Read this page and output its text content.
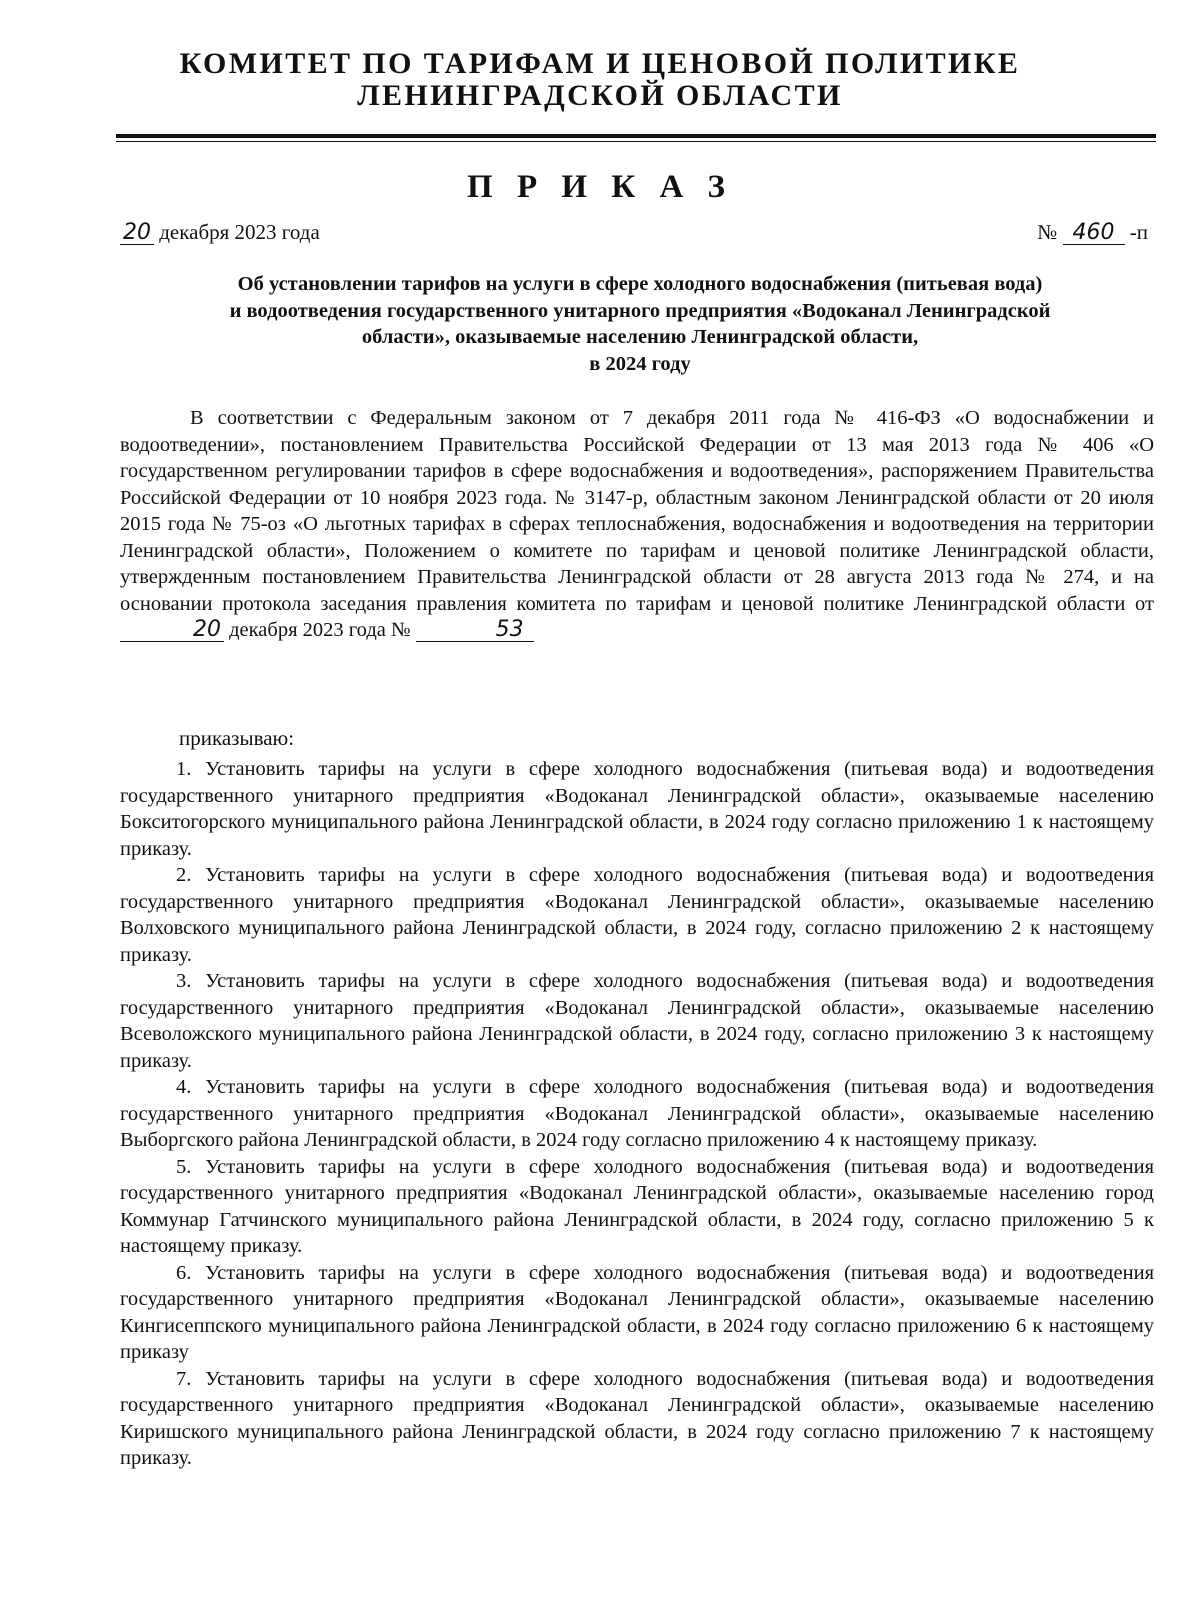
КОМИТЕТ ПО ТАРИФАМ И ЦЕНОВОЙ ПОЛИТИКЕ
ЛЕНИНГРАДСКОЙ ОБЛАСТИ
П Р И К А З
20 декабря 2023 года	№ 460 -п
Об установлении тарифов на услуги в сфере холодного водоснабжения (питьевая вода)
и водоотведения государственного унитарного предприятия «Водоканал Ленинградской
области», оказываемые населению Ленинградской области,
в 2024 году
В соответствии с Федеральным законом от 7 декабря 2011 года № 416-ФЗ «О водоснабжении и водоотведении», постановлением Правительства Российской Федерации от 13 мая 2013 года № 406 «О государственном регулировании тарифов в сфере водоснабжения и водоотведения», распоряжением Правительства Российской Федерации от 10 ноября 2023 года. № 3147-р, областным законом Ленинградской области от 20 июля 2015 года № 75-оз «О льготных тарифах в сферах теплоснабжения, водоснабжения и водоотведения на территории Ленинградской области», Положением о комитете по тарифам и ценовой политике Ленинградской области, утвержденным постановлением Правительства Ленинградской области от 28 августа 2013 года № 274, и на основании протокола заседания правления комитета по тарифам и ценовой политике Ленинградской области от 20 декабря 2023 года №	53
приказываю:

1. Установить тарифы на услуги в сфере холодного водоснабжения (питьевая вода) и водоотведения государственного унитарного предприятия «Водоканал Ленинградской области», оказываемые населению Бокситогорского муниципального района Ленинградской области, в 2024 году согласно приложению 1 к настоящему приказу.

2. Установить тарифы на услуги в сфере холодного водоснабжения (питьевая вода) и водоотведения государственного унитарного предприятия «Водоканал Ленинградской области», оказываемые населению Волховского муниципального района Ленинградской области, в 2024 году, согласно приложению 2 к настоящему приказу.

3. Установить тарифы на услуги в сфере холодного водоснабжения (питьевая вода) и водоотведения государственного унитарного предприятия «Водоканал Ленинградской области», оказываемые населению Всеволожского муниципального района Ленинградской области, в 2024 году, согласно приложению 3 к настоящему приказу.

4. Установить тарифы на услуги в сфере холодного водоснабжения (питьевая вода) и водоотведения государственного унитарного предприятия «Водоканал Ленинградской области», оказываемые населению Выборгского района Ленинградской области, в 2024 году согласно приложению 4 к настоящему приказу.

5. Установить тарифы на услуги в сфере холодного водоснабжения (питьевая вода) и водоотведения государственного унитарного предприятия «Водоканал Ленинградской области», оказываемые населению город Коммунар Гатчинского муниципального района Ленинградской области, в 2024 году, согласно приложению 5 к настоящему приказу.

6. Установить тарифы на услуги в сфере холодного водоснабжения (питьевая вода) и водоотведения государственного унитарного предприятия «Водоканал Ленинградской области», оказываемые населению Кингисеппского муниципального района Ленинградской области, в 2024 году согласно приложению 6 к настоящему приказу

7. Установить тарифы на услуги в сфере холодного водоснабжения (питьевая вода) и водоотведения государственного унитарного предприятия «Водоканал Ленинградской области», оказываемые населению Киришского муниципального района Ленинградской области, в 2024 году согласно приложению 7 к настоящему приказу.
